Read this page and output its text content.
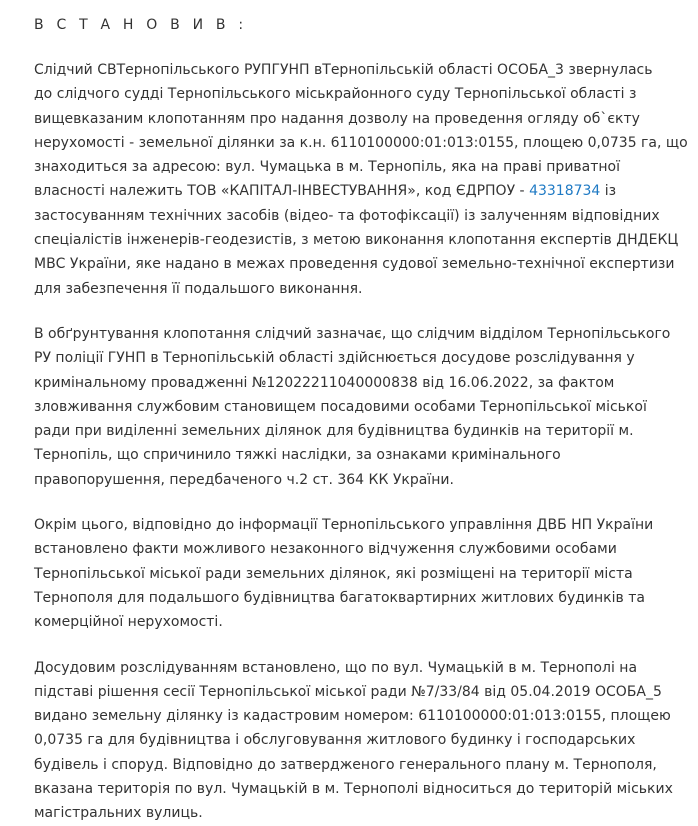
В С Т А Н О В И В :
Слідчий СВТернопільського РУПГУНП вТернопільській області ОСОБА_3 звернулась
до слідчого судді Тернопільського міськрайонного суду Тернопільської області з
вищевказаним клопотанням про надання дозволу на проведення огляду об`єкту
нерухомості - земельної ділянки за к.н. 6110100000:01:013:0155, площею 0,0735 га, що
знаходиться за адресою: вул. Чумацька в м. Тернопіль, яка на праві приватної
власності належить ТОВ «КАПІТАЛ-ІНВЕСТУВАННЯ», код ЄДРПОУ - 43318734 із
застосуванням технічних засобів (відео- та фотофіксації) із залученням відповідних
спеціалістів інженерів-геодезистів, з метою виконання клопотання експертів ДНДЕКЦ
МВС України, яке надано в межах проведення судової земельно-технічної експертизи
для забезпечення її подальшого виконання.
В обґрунтування клопотання слідчий зазначає, що слідчим відділом Тернопільського
РУ поліції ГУНП в Тернопільській області здійснюється досудове розслідування у
кримінальному провадженні №12022211040000838 від 16.06.2022, за фактом
зловживання службовим становищем посадовими особами Тернопільської міської
ради при виділенні земельних ділянок для будівництва будинків на території м.
Тернопіль, що спричинило тяжкі наслідки, за ознаками кримінального
правопорушення, передбаченого ч.2 ст. 364 КК України.
Окрім цього, відповідно до інформації Тернопільського управління ДВБ НП України
встановлено факти можливого незаконного відчуження службовими особами
Тернопільської міської ради земельних ділянок, які розміщені на території міста
Тернополя для подальшого будівництва багатоквартирних житлових будинків та
комерційної нерухомості.
Досудовим розслідуванням встановлено, що по вул. Чумацькій в м. Тернополі на
підставі рішення сесії Тернопільської міської ради №7/33/84 від 05.04.2019 ОСОБА_5
видано земельну ділянку із кадастровим номером: 6110100000:01:013:0155, площею
0,0735 га для будівництва і обслуговування житлового будинку і господарських
будівель і споруд. Відповідно до затвердженого генерального плану м. Тернополя,
вказана територія по вул. Чумацькій в м. Тернополі відноситься до територій міських
магістральних вулиць.
